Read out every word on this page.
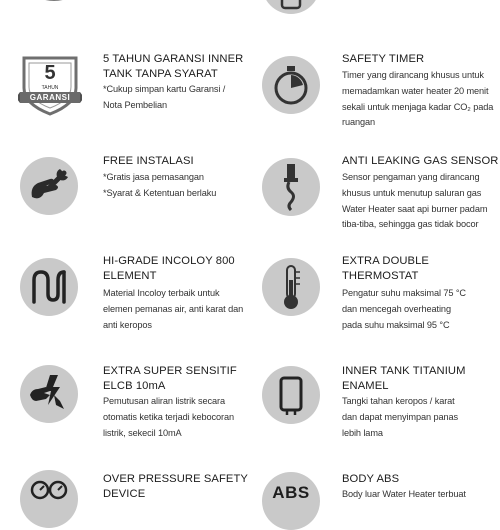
5
TAHUN
GARANSI
5 TAHUN GARANSI INNER
TANK TANPA SYARAT
*Cukup simpan kartu Garansi /
Nota Pembelian
SAFETY TIMER
Timer yang dirancang khusus untuk
memadamkan water heater 20 menit
sekali untuk menjaga kadar CO₂ pada
ruangan
FREE INSTALASI
*Gratis jasa pemasangan
*Syarat & Ketentuan berlaku
ANTI LEAKING GAS SENSOR
Sensor pengaman yang dirancang
khusus untuk menutup saluran gas
Water Heater saat api burner padam
tiba-tiba, sehingga gas tidak bocor
HI-GRADE INCOLOY 800
ELEMENT
Material Incoloy terbaik untuk
elemen pemanas air, anti karat dan
anti keropos
EXTRA DOUBLE
THERMOSTAT
Pengatur suhu maksimal 75 °C
dan mencegah overheating
pada suhu maksimal 95 °C
EXTRA SUPER SENSITIF
ELCB 10mA
Pemutusan aliran listrik secara
otomatis ketika terjadi kebocoran
listrik, sekecil 10mA
INNER TANK TITANIUM
ENAMEL
Tangki tahan keropos / karat
dan dapat menyimpan panas
lebih lama
OVER PRESSURE SAFETY
DEVICE	ABS
BODY ABS
Body luar Water Heater terbuat
